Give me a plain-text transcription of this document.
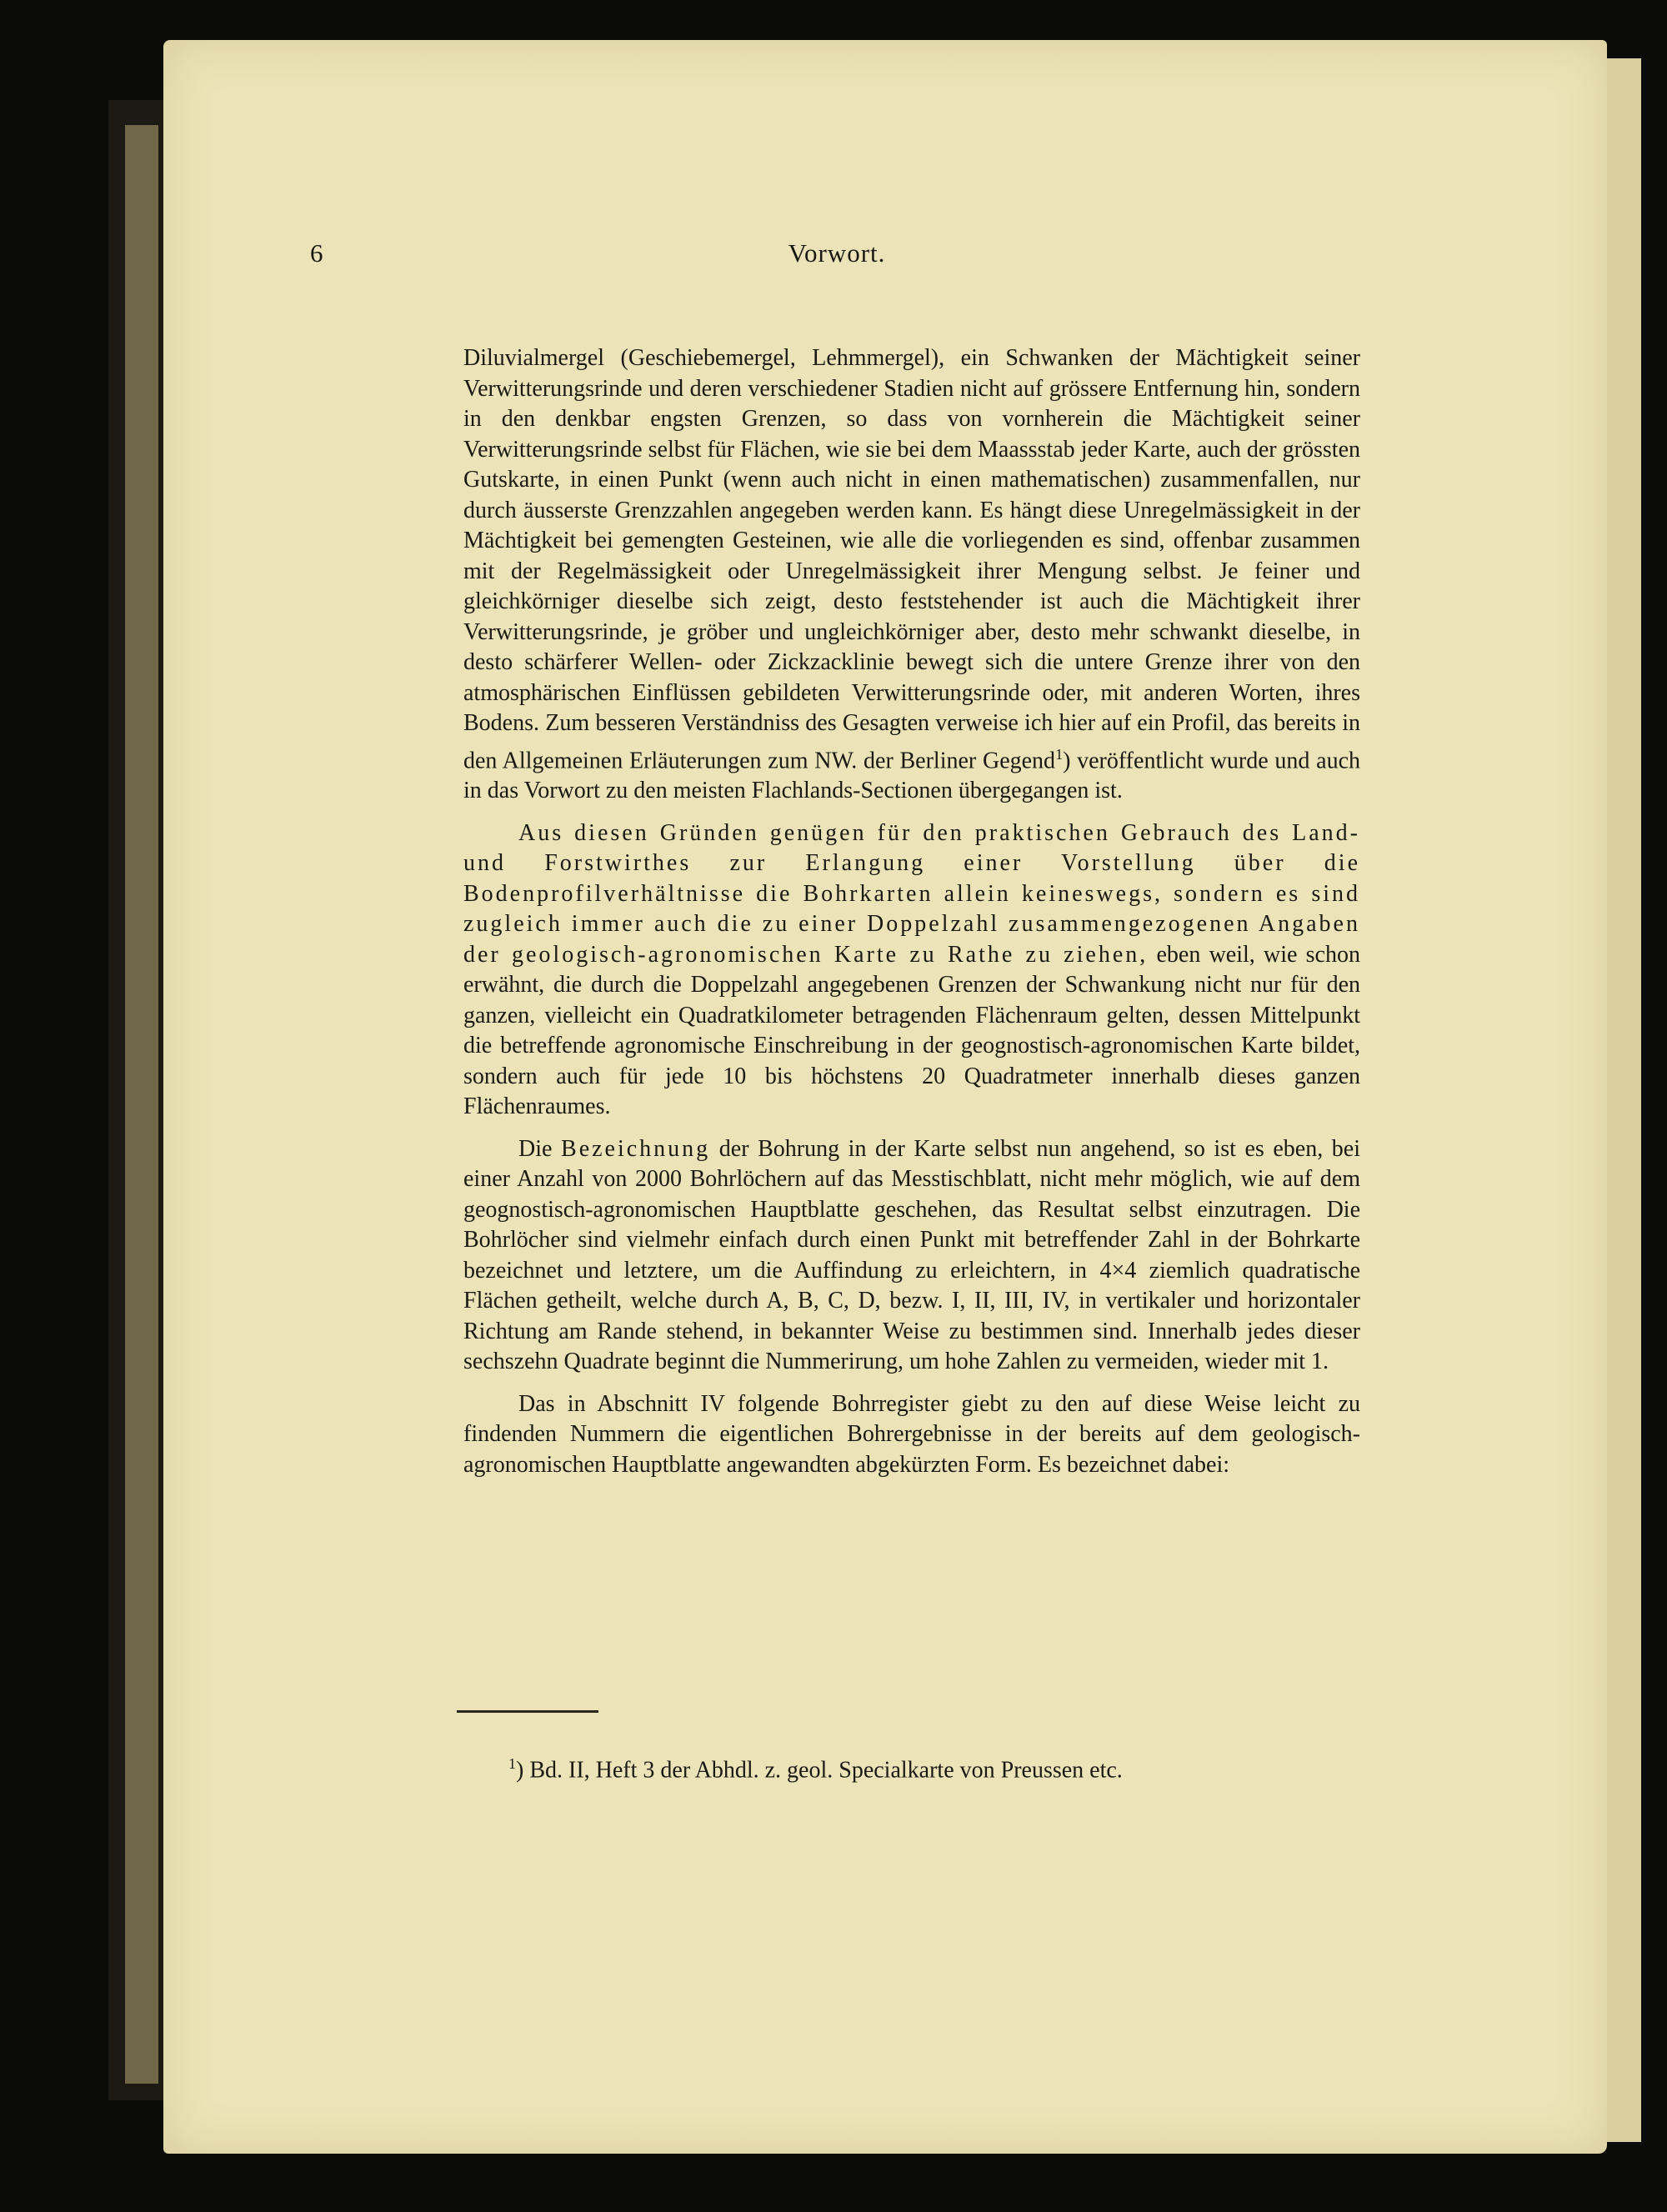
6	Vorwort.

Diluvialmergel (Geschiebemergel, Lehmmergel), ein Schwanken der Mächtigkeit seiner Verwitterungsrinde und deren verschiedener Stadien nicht auf grössere Entfernung hin, sondern in den denkbar engsten Grenzen, so dass von vornherein die Mächtigkeit seiner Verwitterungsrinde selbst für Flächen, wie sie bei dem Maassstab jeder Karte, auch der grössten Gutskarte, in einen Punkt (wenn auch nicht in einen mathematischen) zusammenfallen, nur durch äusserste Grenzzahlen angegeben werden kann. Es hängt diese Unregelmässigkeit in der Mächtigkeit bei gemengten Gesteinen, wie alle die vorliegenden es sind, offenbar zusammen mit der Regelmässigkeit oder Unregelmässigkeit ihrer Mengung selbst. Je feiner und gleichkörniger dieselbe sich zeigt, desto feststehender ist auch die Mächtigkeit ihrer Verwitterungsrinde, je gröber und ungleichkörniger aber, desto mehr schwankt dieselbe, in desto schärferer Wellen- oder Zickzacklinie bewegt sich die untere Grenze ihrer von den atmosphärischen Einflüssen gebildeten Verwitterungsrinde oder, mit anderen Worten, ihres Bodens. Zum besseren Verständniss des Gesagten verweise ich hier auf ein Profil, das bereits in den Allgemeinen Erläuterungen zum NW. der Berliner Gegend$^1$) veröffentlicht wurde und auch in das Vorwort zu den meisten Flachlands-Sectionen übergegangen ist.

Aus diesen Gründen genügen für den praktischen Gebrauch des Land- und Forstwirthes zur Erlangung einer Vorstellung über die Bodenprofilverhältnisse die Bohrkarten allein keineswegs, sondern es sind zugleich immer auch die zu einer Doppelzahl zusammengezogenen Angaben der geologisch-agronomischen Karte zu Rathe zu ziehen, eben weil, wie schon erwähnt, die durch die Doppelzahl angegebenen Grenzen der Schwankung nicht nur für den ganzen, vielleicht ein Quadratkilometer betragenden Flächenraum gelten, dessen Mittelpunkt die betreffende agronomische Einschreibung in der geognostisch-agronomischen Karte bildet, sondern auch für jede 10 bis höchstens 20 Quadratmeter innerhalb dieses ganzen Flächenraumes.

Die Bezeichnung der Bohrung in der Karte selbst nun angehend, so ist es eben, bei einer Anzahl von 2000 Bohrlöchern auf das Messtischblatt, nicht mehr möglich, wie auf dem geognostisch-agronomischen Hauptblatte geschehen, das Resultat selbst einzutragen. Die Bohrlöcher sind vielmehr einfach durch einen Punkt mit betreffender Zahl in der Bohrkarte bezeichnet und letztere, um die Auffindung zu erleichtern, in 4×4 ziemlich quadratische Flächen getheilt, welche durch A, B, C, D, bezw. I, II, III, IV, in vertikaler und horizontaler Richtung am Rande stehend, in bekannter Weise zu bestimmen sind. Innerhalb jedes dieser sechszehn Quadrate beginnt die Nummerirung, um hohe Zahlen zu vermeiden, wieder mit 1.

Das in Abschnitt IV folgende Bohrregister giebt zu den auf diese Weise leicht zu findenden Nummern die eigentlichen Bohrergebnisse in der bereits auf dem geologisch-agronomischen Hauptblatte angewandten abgekürzten Form. Es bezeichnet dabei:

$^1$) Bd. II, Heft 3 der Abhdl. z. geol. Specialkarte von Preussen etc.
